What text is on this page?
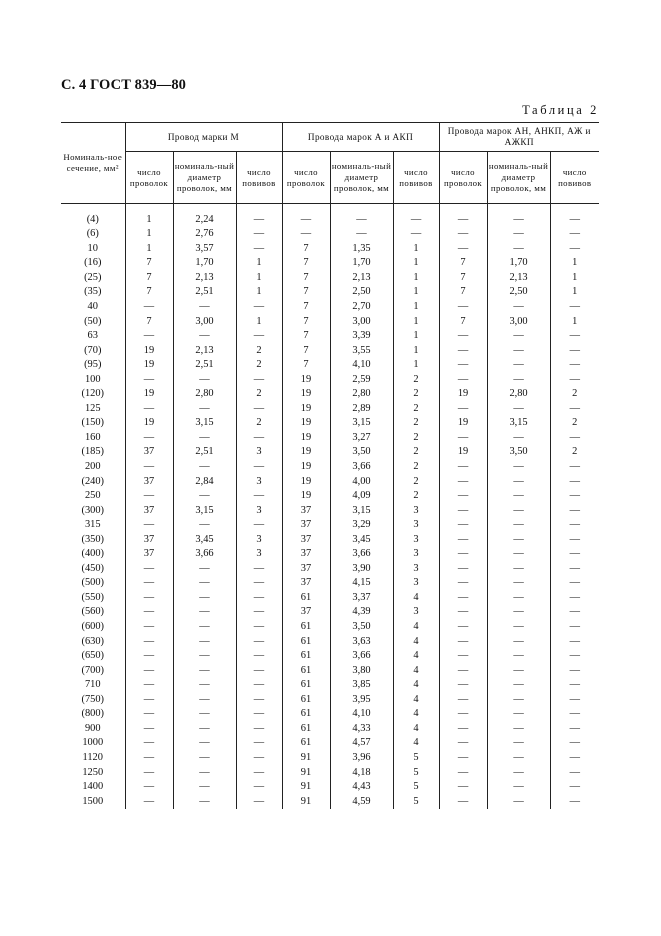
С. 4 ГОСТ 839—80
Таблица 2
Номиналь-ное сечение, мм²	Провод марки М			Провода марок А и АКП			Провода марок АН, АНКП, АЖ и АЖКП		
	число проволок	номиналь-ный диаметр проволок, мм	число повивов	число проволок	номиналь-ный диаметр проволок, мм	число повивов	число проволок	номиналь-ный диаметр проволок, мм	число повивов
(4)	1	2,24	—	—	—	—	—	—	—
(6)	1	2,76	—	—	—	—	—	—	—
10	1	3,57	—	7	1,35	1	—	—	—
(16)	7	1,70	1	7	1,70	1	7	1,70	1
(25)	7	2,13	1	7	2,13	1	7	2,13	1
(35)	7	2,51	1	7	2,50	1	7	2,50	1
40	—	—	—	7	2,70	1	—	—	—
(50)	7	3,00	1	7	3,00	1	7	3,00	1
63	—	—	—	7	3,39	1	—	—	—
(70)	19	2,13	2	7	3,55	1	—	—	—
(95)	19	2,51	2	7	4,10	1	—	—	—
100	—	—	—	19	2,59	2	—	—	—
(120)	19	2,80	2	19	2,80	2	19	2,80	2
125	—	—	—	19	2,89	2	—	—	—
(150)	19	3,15	2	19	3,15	2	19	3,15	2
160	—	—	—	19	3,27	2	—	—	—
(185)	37	2,51	3	19	3,50	2	19	3,50	2
200	—	—	—	19	3,66	2	—	—	—
(240)	37	2,84	3	19	4,00	2	—	—	—
250	—	—	—	19	4,09	2	—	—	—
(300)	37	3,15	3	37	3,15	3	—	—	—
315	—	—	—	37	3,29	3	—	—	—
(350)	37	3,45	3	37	3,45	3	—	—	—
(400)	37	3,66	3	37	3,66	3	—	—	—
(450)	—	—	—	37	3,90	3	—	—	—
(500)	—	—	—	37	4,15	3	—	—	—
(550)	—	—	—	61	3,37	4	—	—	—
(560)	—	—	—	37	4,39	3	—	—	—
(600)	—	—	—	61	3,50	4	—	—	—
(630)	—	—	—	61	3,63	4	—	—	—
(650)	—	—	—	61	3,66	4	—	—	—
(700)	—	—	—	61	3,80	4	—	—	—
710	—	—	—	61	3,85	4	—	—	—
(750)	—	—	—	61	3,95	4	—	—	—
(800)	—	—	—	61	4,10	4	—	—	—
900	—	—	—	61	4,33	4	—	—	—
1000	—	—	—	61	4,57	4	—	—	—
1120	—	—	—	91	3,96	5	—	—	—
1250	—	—	—	91	4,18	5	—	—	—
1400	—	—	—	91	4,43	5	—	—	—
1500	—	—	—	91	4,59	5	—	—	—
